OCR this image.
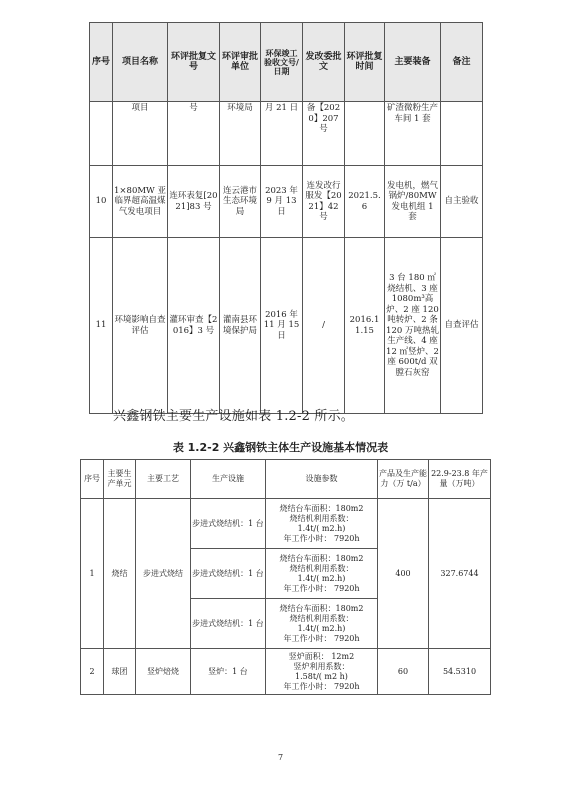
序号	项目名称	环评批复文号	环评审批单位	环保竣工验收文号/日期	发改委批文	环评批复时间	主要装备	备注
	项目	号	环境局	月 21 日	备【2020】207 号		矿渣微粉生产车间 1 套	
10	1×80MW 亚临界超高温煤气发电项目	连环表复[2021]83 号	连云港市生态环境局	2023 年 9 月 13 日	连发改行服发【2021】42 号	2021.5.6	发电机，燃气锅炉/80MW 发电机组 1 套	自主验收
11	环境影响自查评估	灌环审查【2016】3 号	灌南县环境保护局	2016 年 11 月 15 日	/	2016.11.15	3 台 180 ㎡烧结机、3 座 1080m³高炉、2 座 120 吨转炉、2 条 120 万吨热轧生产线、4 座 12 ㎡竖炉、2 座 600t/d 双膛石灰窑	自查评估
兴鑫钢铁主要生产设施如表 1.2-2 所示。
表 1.2-2 兴鑫钢铁主体生产设施基本情况表
序号	主要生产单元	主要工艺	生产设施	设施参数	产品及生产能力（万 t/a）	22.9-23.8 年产量（万吨）
1	烧结	步进式烧结	步进式烧结机：1 台	烧结台车面积：180m2
烧结机利用系数：
1.4t/( m2.h)
年工作小时： 7920h	400	327.6744
			步进式烧结机：1 台	烧结台车面积：180m2
烧结机利用系数：
1.4t/( m2.h)
年工作小时： 7920h		

			步进式烧结机：1 台	烧结台车面积：180m2
烧结机利用系数：
1.4t/( m2.h)
年工作小时： 7920h		

2	球团	竖炉焙烧	竖炉：1 台	竖炉面积： 12m2
竖炉利用系数：
1.58t/( m2 h)
年工作小时： 7920h	60	54.5310
7
